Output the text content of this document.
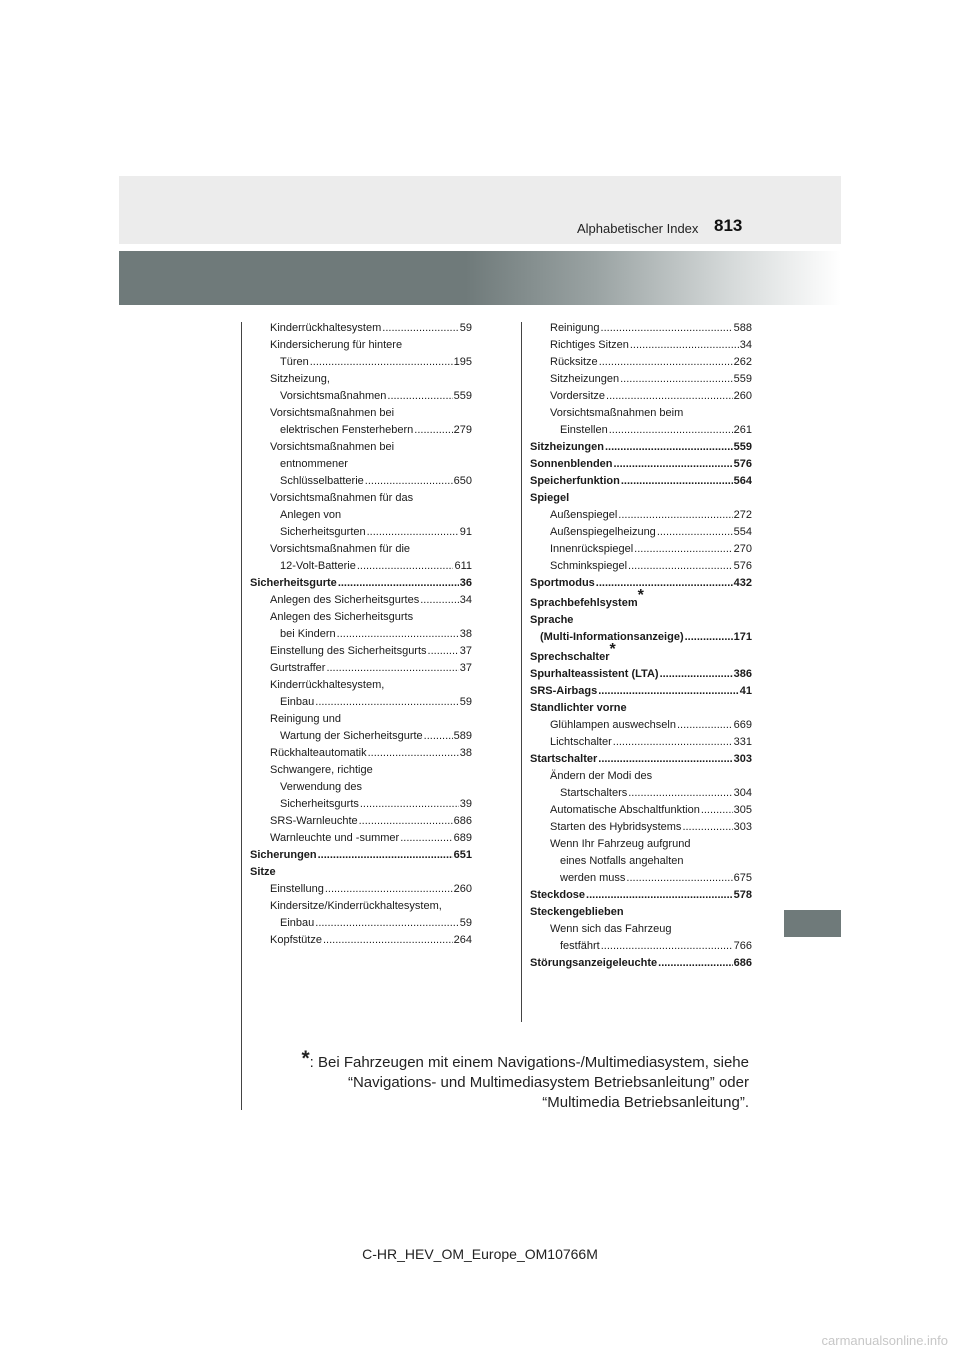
Alphabetischer Index 813
Kinderrückhaltesystem .....	59
Kindersicherung für hintere
Türen .....	195
Sitzheizung,
Vorsichtsmaßnahmen .....	559
Vorsichtsmaßnahmen bei
elektrischen Fensterhebern .....	279
Vorsichtsmaßnahmen bei
entnommener
Schlüsselbatterie .....	650
Vorsichtsmaßnahmen für das
Anlegen von
Sicherheitsgurten .....	91
Vorsichtsmaßnahmen für die
12-Volt-Batterie .....	611
Sicherheitsgurte .....	36
Anlegen des Sicherheitsgurtes .....	34
Anlegen des Sicherheitsgurts
bei Kindern .....	38
Einstellung des Sicherheitsgurts .....	37
Gurtstraffer .....	37
Kinderrückhaltesystem,
Einbau .....	59
Reinigung und
Wartung der Sicherheitsgurte .....	589
Rückhalteautomatik .....	38
Schwangere, richtige
Verwendung des
Sicherheitsgurts .....	39
SRS-Warnleuchte .....	686
Warnleuchte und -summer .....	689
Sicherungen .....	651
Sitze
Einstellung .....	260
Kindersitze/Kinderrückhaltesystem,
Einbau .....	59
Kopfstütze .....	264
Reinigung .....	588
Richtiges Sitzen .....	34
Rücksitze .....	262
Sitzheizungen .....	559
Vordersitze .....	260
Vorsichtsmaßnahmen beim
Einstellen .....	261
Sitzheizungen .....	559
Sonnenblenden .....	576
Speicherfunktion .....	564
Spiegel
Außenspiegel .....	272
Außenspiegelheizung .....	554
Innenrückspiegel .....	270
Schminkspiegel .....	576
Sportmodus .....	432
Sprachbefehlsystem*
Sprache
(Multi-Informationsanzeige) .....	171
Sprechschalter*
Spurhalteassistent (LTA) .....	386
SRS-Airbags .....	41
Standlichter vorne
Glühlampen auswechseln .....	669
Lichtschalter .....	331
Startschalter .....	303
Ändern der Modi des
Startschalters .....	304
Automatische Abschaltfunktion .....	305
Starten des Hybridsystems .....	303
Wenn Ihr Fahrzeug aufgrund
eines Notfalls angehalten
werden muss .....	675
Steckdose .....	578
Steckengeblieben
Wenn sich das Fahrzeug
festfährt .....	766
Störungsanzeigeleuchte .....	686
*: Bei Fahrzeugen mit einem Navigations-/Multimediasystem, siehe
“Navigations- und Multimediasystem Betriebsanleitung” oder
“Multimedia Betriebsanleitung”.
C-HR_HEV_OM_Europe_OM10766M
carmanualsonline.info
